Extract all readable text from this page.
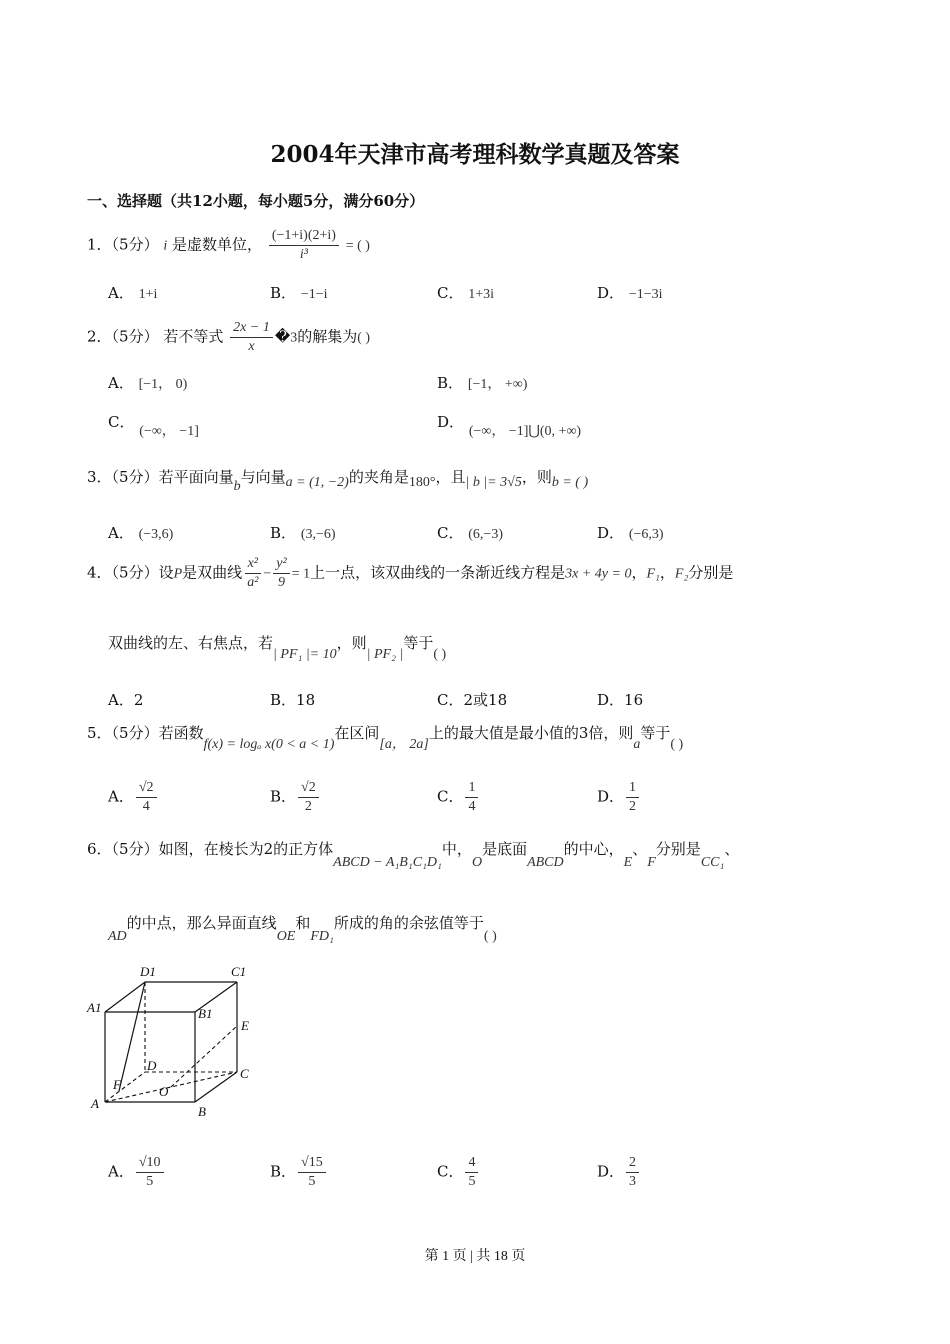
2004年天津市高考理科数学真题及答案
一、选择题（共12小题，每小题5分，满分60分）
1．（5分） i 是虚数单位， $\frac{(-1+i)(2+i)}{\text{i³}}$ = ( )
A． 1+i	B． −1−i	C． 1+3i	D． −1−3i
2．（5分） 若不等式 $\frac{2x - 1}{x}$ �3的解集为( )
A． [−1， 0)	B． [−1， +∞)
C． (−∞， −1]
D． (−∞， −1]⋃(0, +∞)
3．（5分）若平面向量b与向量a = (1, −2)的夹角是180°，且| b |= 3√5，则b = ( )
A． (−3,6)	B． (3,−6)	C． (6,−3)	D． (−6,3)
4．（5分）设P是双曲线 $\frac{\text{x²}}{\text{a²}} - \frac{\text{y²}}{9} = 1$上一点，该双曲线的一条渐近线方程是3x + 4y = 0，F₁，F₂分别是
双曲线的左、右焦点，若| PF₁ |= 10，则| PF₂ |等于( )
A．2	B．18	C．2或18	D．16
5．（5分）若函数f(x) = logₐ x(0 < a < 1)在区间[a， 2a]上的最大值是最小值的3倍，则a等于( )
A． $\frac{√2}{4}$	B． $\frac{√2}{2}$	C． $\frac{1}{4}$	D． $\frac{1}{2}$
6．（5分）如图，在棱长为2的正方体ABCD − A₁B₁C₁D₁中，O是底面ABCD的中心，E、F分别是CC₁、
AD的中点，那么异面直线OE和FD₁所成的角的余弦值等于( )
D1	C1
A1	B1
E
D
C
F	O
A
B
A． $\frac{√10}{5}$	B． $\frac{√15}{5}$	C． $\frac{4}{5}$	D． $\frac{2}{3}$
第 1 页 | 共 18 页
